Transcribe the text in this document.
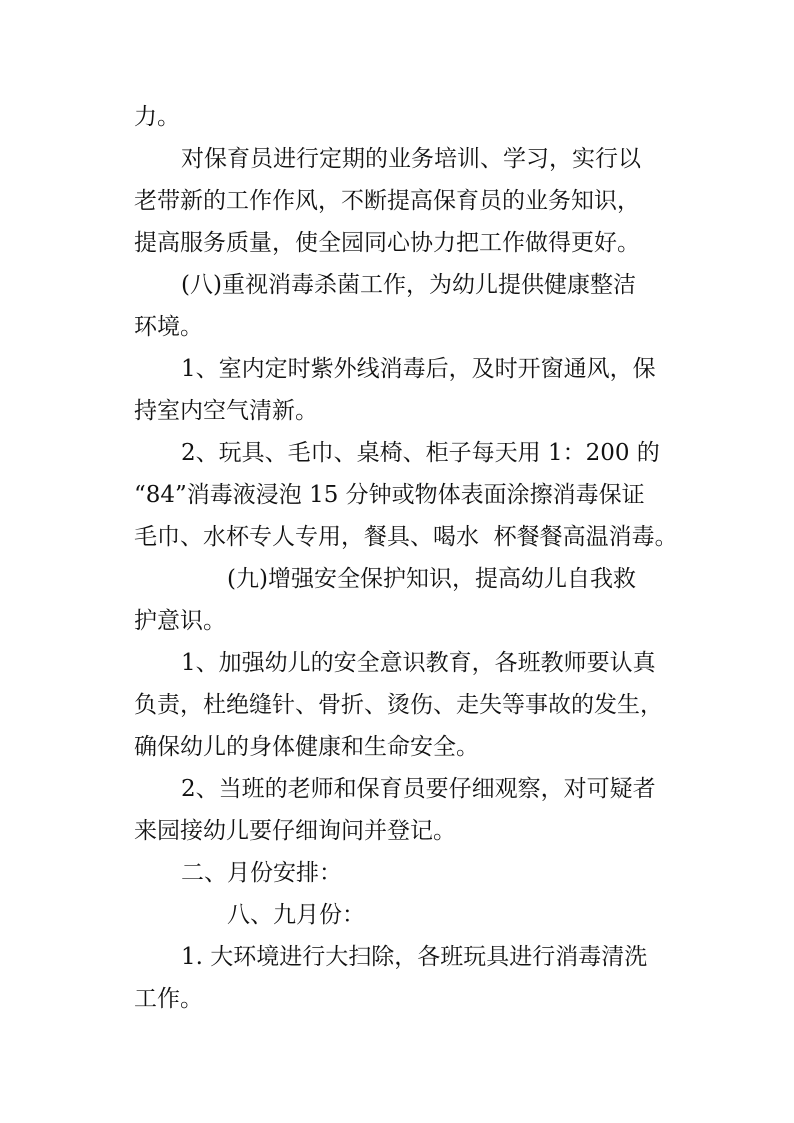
力。
对保育员进行定期的业务培训、学习，实行以
老带新的工作作风，不断提高保育员的业务知识，
提高服务质量，使全园同心协力把工作做得更好。
(八)重视消毒杀菌工作，为幼儿提供健康整洁
环境。
1、室内定时紫外线消毒后，及时开窗通风，保
持室内空气清新。
2、玩具、毛巾、桌椅、柜子每天用 1：200 的
“84”消毒液浸泡 15 分钟或物体表面涂擦消毒保证
毛巾、水杯专人专用，餐具、喝水  杯餐餐高温消毒。
(九)增强安全保护知识，提高幼儿自我救
护意识。
1、加强幼儿的安全意识教育，各班教师要认真
负责，杜绝缝针、骨折、烫伤、走失等事故的发生，
确保幼儿的身体健康和生命安全。
2、当班的老师和保育员要仔细观察，对可疑者
来园接幼儿要仔细询问并登记。
二、月份安排：
八、九月份：
1. 大环境进行大扫除，各班玩具进行消毒清洗
工作。
